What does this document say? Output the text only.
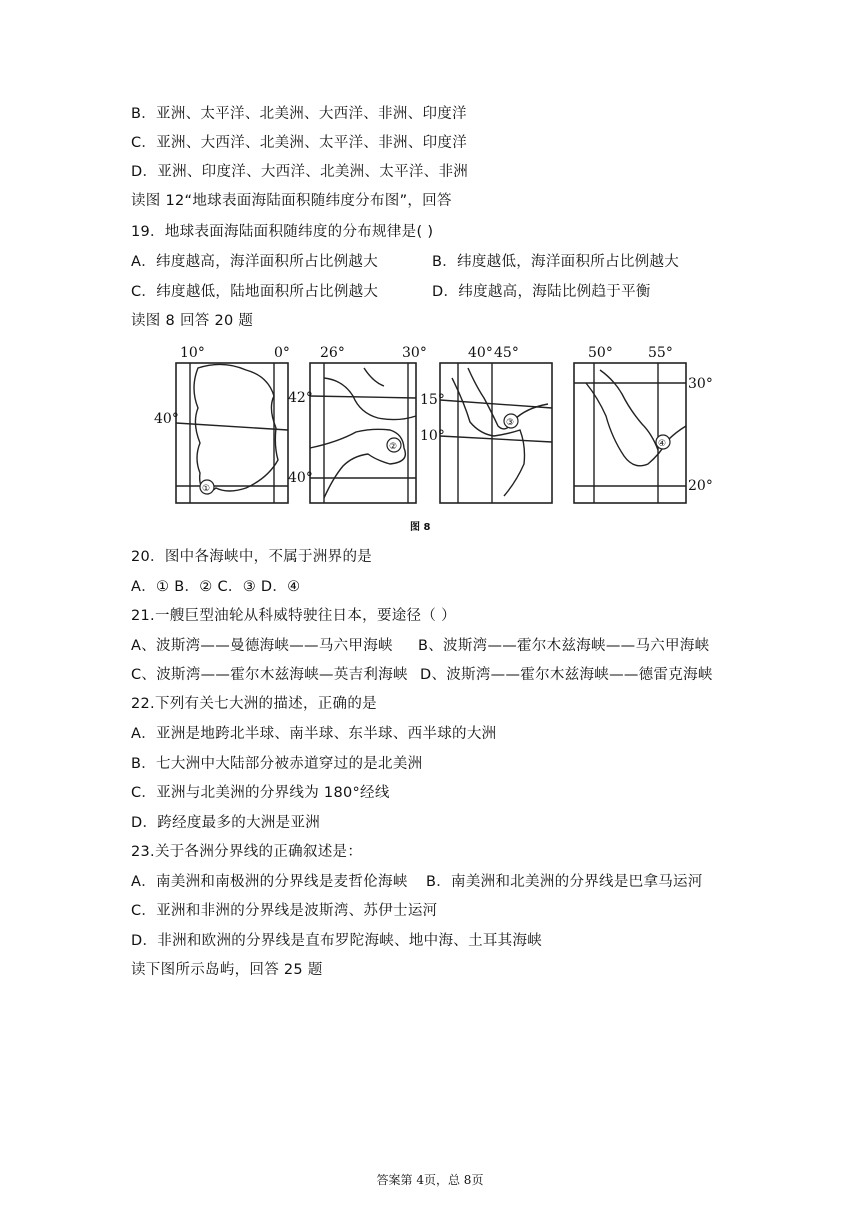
B．亚洲、太平洋、北美洲、大西洋、非洲、印度洋
C．亚洲、大西洋、北美洲、太平洋、非洲、印度洋
D．亚洲、印度洋、大西洋、北美洲、太平洋、非洲
读图 12“地球表面海陆面积随纬度分布图”，回答
19．地球表面海陆面积随纬度的分布规律是( )
A．纬度越高，海洋面积所占比例越大	B．纬度越低，海洋面积所占比例越大
C．纬度越低，陆地面积所占比例越大	D．纬度越高，海陆比例趋于平衡
读图 8 回答 20 题
10°	0°
40°
①
②
26°	30°
42°
40°
③
40° 45°
15°
10°	④
50°	55°
30°
20°
图 8
20．图中各海峡中，不属于洲界的是
A．① B．② C．③ D．④
21.一艘巨型油轮从科威特驶往日本，要途径（ ）
A、波斯湾——曼德海峡——马六甲海峡 B、波斯湾——霍尔木兹海峡——马六甲海峡
C、波斯湾——霍尔木兹海峡—英吉利海峡 D、波斯湾——霍尔木兹海峡——德雷克海峡
22.下列有关七大洲的描述，正确的是
A．亚洲是地跨北半球、南半球、东半球、西半球的大洲
B．七大洲中大陆部分被赤道穿过的是北美洲
C．亚洲与北美洲的分界线为 180°经线
D．跨经度最多的大洲是亚洲
23.关于各洲分界线的正确叙述是：
A．南美洲和南极洲的分界线是麦哲伦海峡 B．南美洲和北美洲的分界线是巴拿马运河
C．亚洲和非洲的分界线是波斯湾、苏伊士运河
D．非洲和欧洲的分界线是直布罗陀海峡、地中海、土耳其海峡
读下图所示岛屿，回答 25 题
答案第 4页，总 8页
